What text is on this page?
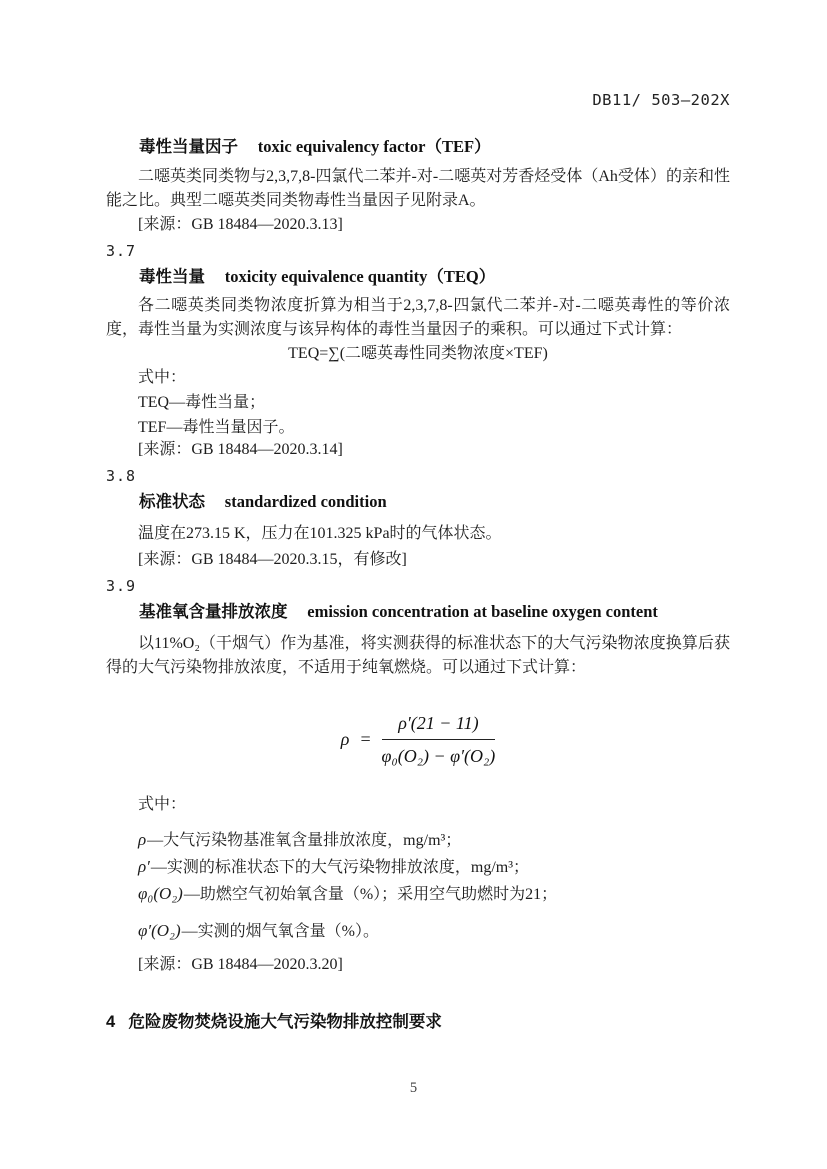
DB11/ 503—202X
毒性当量因子 toxic equivalency factor（TEF）

二噁英类同类物与2,3,7,8-四氯代二苯并-对-二噁英对芳香烃受体（Ah受体）的亲和性能之比。典型二噁英类同类物毒性当量因子见附录A。

[来源：GB 18484—2020.3.13]
3.7
毒性当量 toxicity equivalence quantity（TEQ）

各二噁英类同类物浓度折算为相当于2,3,7,8-四氯代二苯并-对-二噁英毒性的等价浓度，毒性当量为实测浓度与该异构体的毒性当量因子的乘积。可以通过下式计算：

TEQ=∑(二噁英毒性同类物浓度×TEF)
式中：
TEQ—毒性当量；
TEF—毒性当量因子。
[来源：GB 18484—2020.3.14]
3.8
标准状态 standardized condition

温度在273.15 K，压力在101.325 kPa时的气体状态。

[来源：GB 18484—2020.3.15，有修改]
3.9
基准氧含量排放浓度 emission concentration at baseline oxygen content

以11%O₂（干烟气）作为基准，将实测获得的标准状态下的大气污染物浓度换算后获得的大气污染物排放浓度，不适用于纯氧燃烧。可以通过下式计算：

$\rho = \frac{\rho'(21 - 11)}{\text{φ₀(O₂) − φ′(O₂)}}$
式中：
ρ—大气污染物基准氧含量排放浓度，mg/m³；
ρ′—实测的标准状态下的大气污染物排放浓度，mg/m³；
φ₀(O₂)—助燃空气初始氧含量（%）；采用空气助燃时为21；
φ′(O₂)—实测的烟气氧含量（%）。
[来源：GB 18484—2020.3.20]
4 危险废物焚烧设施大气污染物排放控制要求
5
